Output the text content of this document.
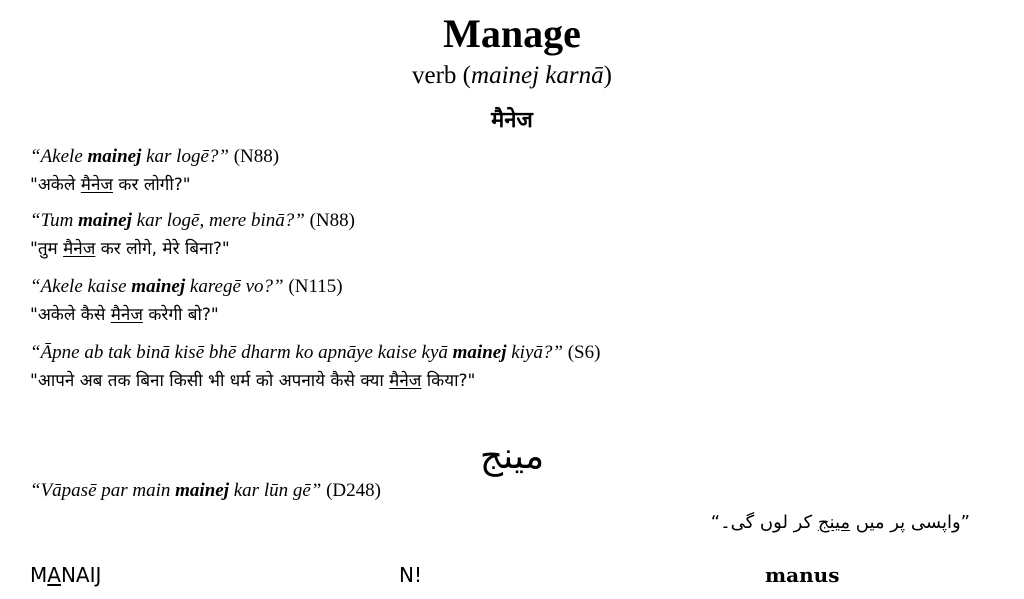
Manage
verb (mainej karnā)
मैनेज
“Akele mainej kar logē?” (N88)
"अकेले मैनेज कर लोगी?"
“Tum mainej kar logē, mere binā?” (N88)
"तुम मैनेज कर लोगे, मेरे बिना?"
“Akele kaise mainej karegē vo?” (N115)
"अकेले कैसे मैनेज करेगी बो?"
“Āpne ab tak binā kisē bhē dharm ko apnāye kaise kyā mainej kiyā?” (S6)
"आपने अब तक बिना किसी भी धर्म को अपनाये कैसे क्या मैनेज किया?"
مینج
“Vāpasē par main mainej kar lūn gē” (D248)
”واپسی پر میں مینج کر لوں گی۔“
MANAIJ	N!	manus
